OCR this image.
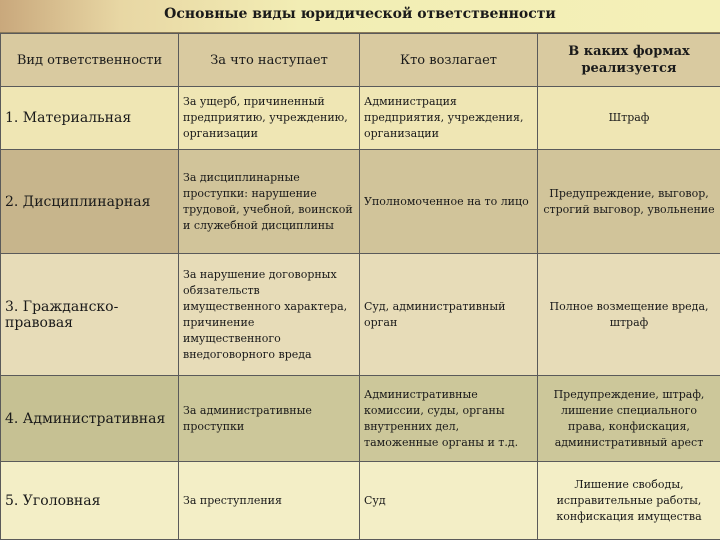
Основные виды юридической ответственности
Вид ответственности	За что наступает	Кто возлагает	В каких формах реализуется
1. Материальная	За ущерб, причиненный предприятию, учреждению, организации	Администрация предприятия, учреждения, организации	Штраф
2. Дисциплинарная	За дисциплинарные проступки: нарушение трудовой, учебной, воинской и служебной дисциплины	Уполномоченное на то лицо	Предупреждение, выговор, строгий выговор, увольнение
3. Гражданско-правовая	За нарушение договорных обязательств имущественного характера, причинение имущественного внедоговорного вреда	Суд, административный орган	Полное возмещение вреда, штраф
4. Административная	За административные проступки	Административные комиссии, суды, органы внутренних дел, таможенные органы и т.д.	Предупреждение, штраф, лишение специального права, конфискация, административный арест
5. Уголовная	За преступления	Суд	Лишение свободы, исправительные работы, конфискация имущества
